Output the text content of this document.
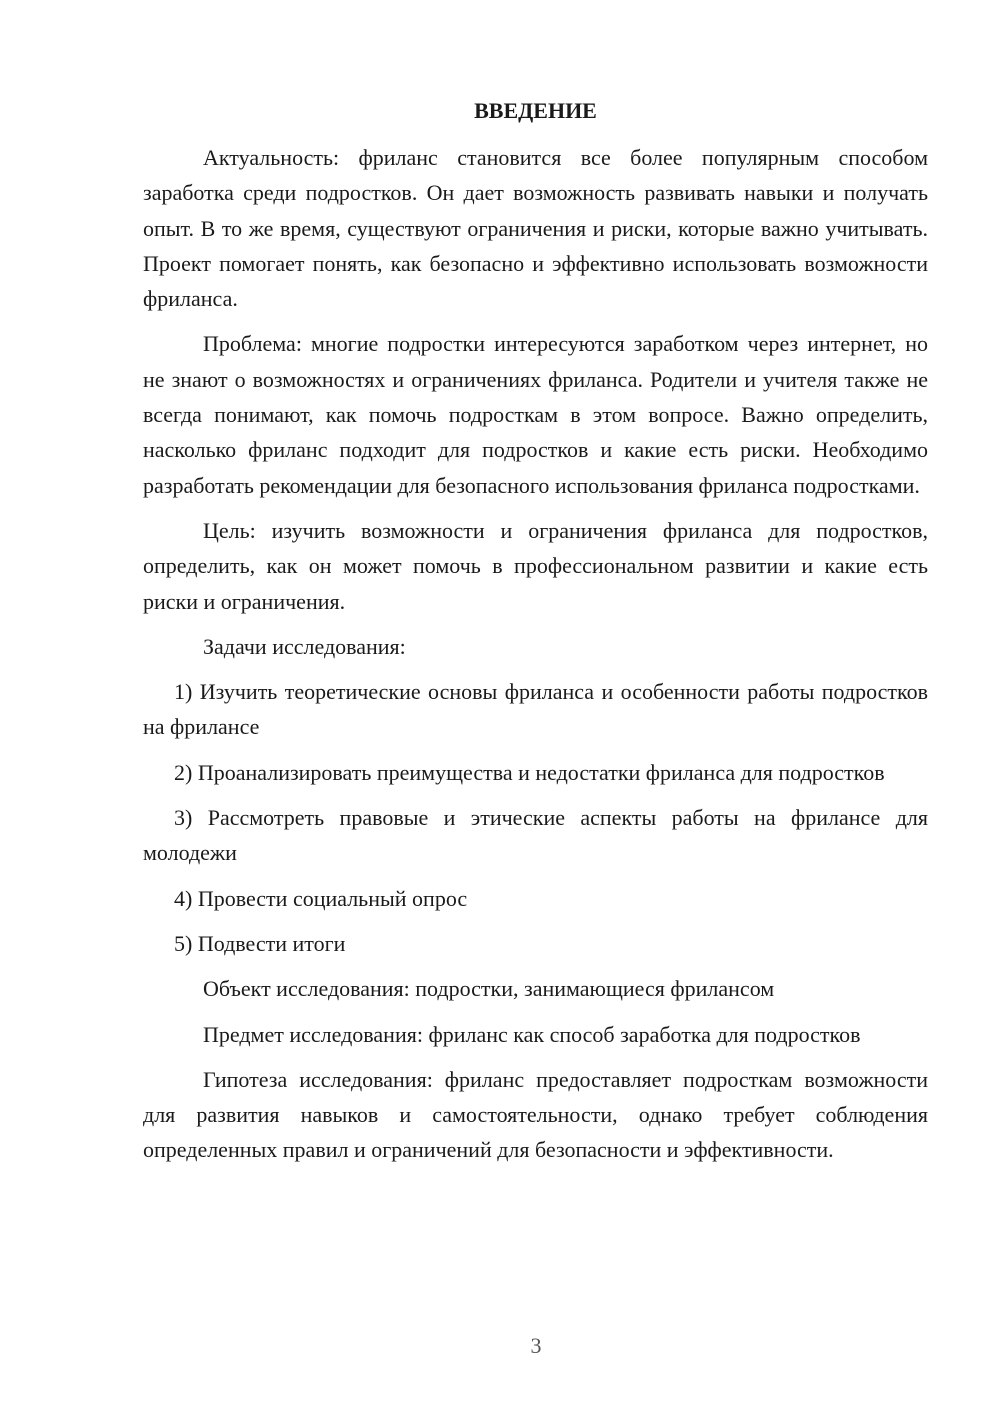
ВВЕДЕНИЕ

Актуальность: фриланс становится все более популярным способом заработка среди подростков. Он дает возможность развивать навыки и получать опыт. В то же время, существуют ограничения и риски, которые важно учитывать. Проект помогает понять, как безопасно и эффективно использовать возможности фриланса.

Проблема: многие подростки интересуются заработком через интернет, но не знают о возможностях и ограничениях фриланса. Родители и учителя также не всегда понимают, как помочь подросткам в этом вопросе. Важно определить, насколько фриланс подходит для подростков и какие есть риски. Необходимо разработать рекомендации для безопасного использования фриланса подростками.

Цель: изучить возможности и ограничения фриланса для подростков, определить, как он может помочь в профессиональном развитии и какие есть риски и ограничения.

Задачи исследования:

1) Изучить теоретические основы фриланса и особенности работы подростков на фрилансе

2) Проанализировать преимущества и недостатки фриланса для подростков

3) Рассмотреть правовые и этические аспекты работы на фрилансе для молодежи

4) Провести социальный опрос

5) Подвести итоги

Объект исследования: подростки, занимающиеся фрилансом

Предмет исследования: фриланс как способ заработка для подростков

Гипотеза исследования: фриланс предоставляет подросткам возможности для развития навыков и самостоятельности, однако требует соблюдения определенных правил и ограничений для безопасности и эффективности.

3
